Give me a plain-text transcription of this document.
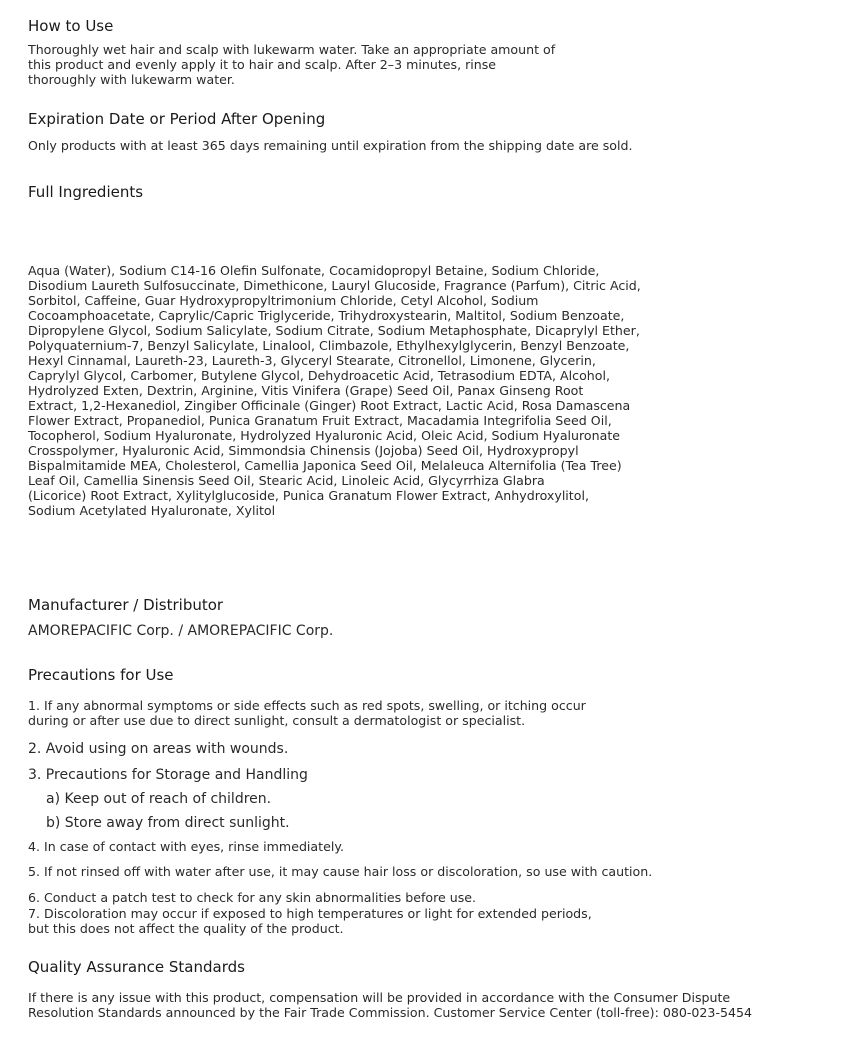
How to Use

Thoroughly wet hair and scalp with lukewarm water. Take an appropriate amount of
this product and evenly apply it to hair and scalp. After 2–3 minutes, rinse
thoroughly with lukewarm water.

Expiration Date or Period After Opening

Only products with at least 365 days remaining until expiration from the shipping date are sold.

Full Ingredients

Aqua (Water), Sodium C14-16 Olefin Sulfonate, Cocamidopropyl Betaine, Sodium Chloride,
Disodium Laureth Sulfosuccinate, Dimethicone, Lauryl Glucoside, Fragrance (Parfum), Citric Acid,
Sorbitol, Caffeine, Guar Hydroxypropyltrimonium Chloride, Cetyl Alcohol, Sodium
Cocoamphoacetate, Caprylic/Capric Triglyceride, Trihydroxystearin, Maltitol, Sodium Benzoate,
Dipropylene Glycol, Sodium Salicylate, Sodium Citrate, Sodium Metaphosphate, Dicaprylyl Ether,
Polyquaternium-7, Benzyl Salicylate, Linalool, Climbazole, Ethylhexylglycerin, Benzyl Benzoate,
Hexyl Cinnamal, Laureth-23, Laureth-3, Glyceryl Stearate, Citronellol, Limonene, Glycerin,
Caprylyl Glycol, Carbomer, Butylene Glycol, Dehydroacetic Acid, Tetrasodium EDTA, Alcohol,
Hydrolyzed Exten, Dextrin, Arginine, Vitis Vinifera (Grape) Seed Oil, Panax Ginseng Root
Extract, 1,2-Hexanediol, Zingiber Officinale (Ginger) Root Extract, Lactic Acid, Rosa Damascena
Flower Extract, Propanediol, Punica Granatum Fruit Extract, Macadamia Integrifolia Seed Oil,
Tocopherol, Sodium Hyaluronate, Hydrolyzed Hyaluronic Acid, Oleic Acid, Sodium Hyaluronate
Crosspolymer, Hyaluronic Acid, Simmondsia Chinensis (Jojoba) Seed Oil, Hydroxypropyl
Bispalmitamide MEA, Cholesterol, Camellia Japonica Seed Oil, Melaleuca Alternifolia (Tea Tree)
Leaf Oil, Camellia Sinensis Seed Oil, Stearic Acid, Linoleic Acid, Glycyrrhiza Glabra
(Licorice) Root Extract, Xylitylglucoside, Punica Granatum Flower Extract, Anhydroxylitol,
Sodium Acetylated Hyaluronate, Xylitol

Manufacturer / Distributor

AMOREPACIFIC Corp. / AMOREPACIFIC Corp.

Precautions for Use

1. If any abnormal symptoms or side effects such as red spots, swelling, or itching occur
during or after use due to direct sunlight, consult a dermatologist or specialist.

2. Avoid using on areas with wounds.

3. Precautions for Storage and Handling

a) Keep out of reach of children.

b) Store away from direct sunlight.

4. In case of contact with eyes, rinse immediately.

5. If not rinsed off with water after use, it may cause hair loss or discoloration, so use with caution.

6. Conduct a patch test to check for any skin abnormalities before use.

7. Discoloration may occur if exposed to high temperatures or light for extended periods,
but this does not affect the quality of the product.

Quality Assurance Standards

If there is any issue with this product, compensation will be provided in accordance with the Consumer Dispute
Resolution Standards announced by the Fair Trade Commission. Customer Service Center (toll-free): 080-023-5454
